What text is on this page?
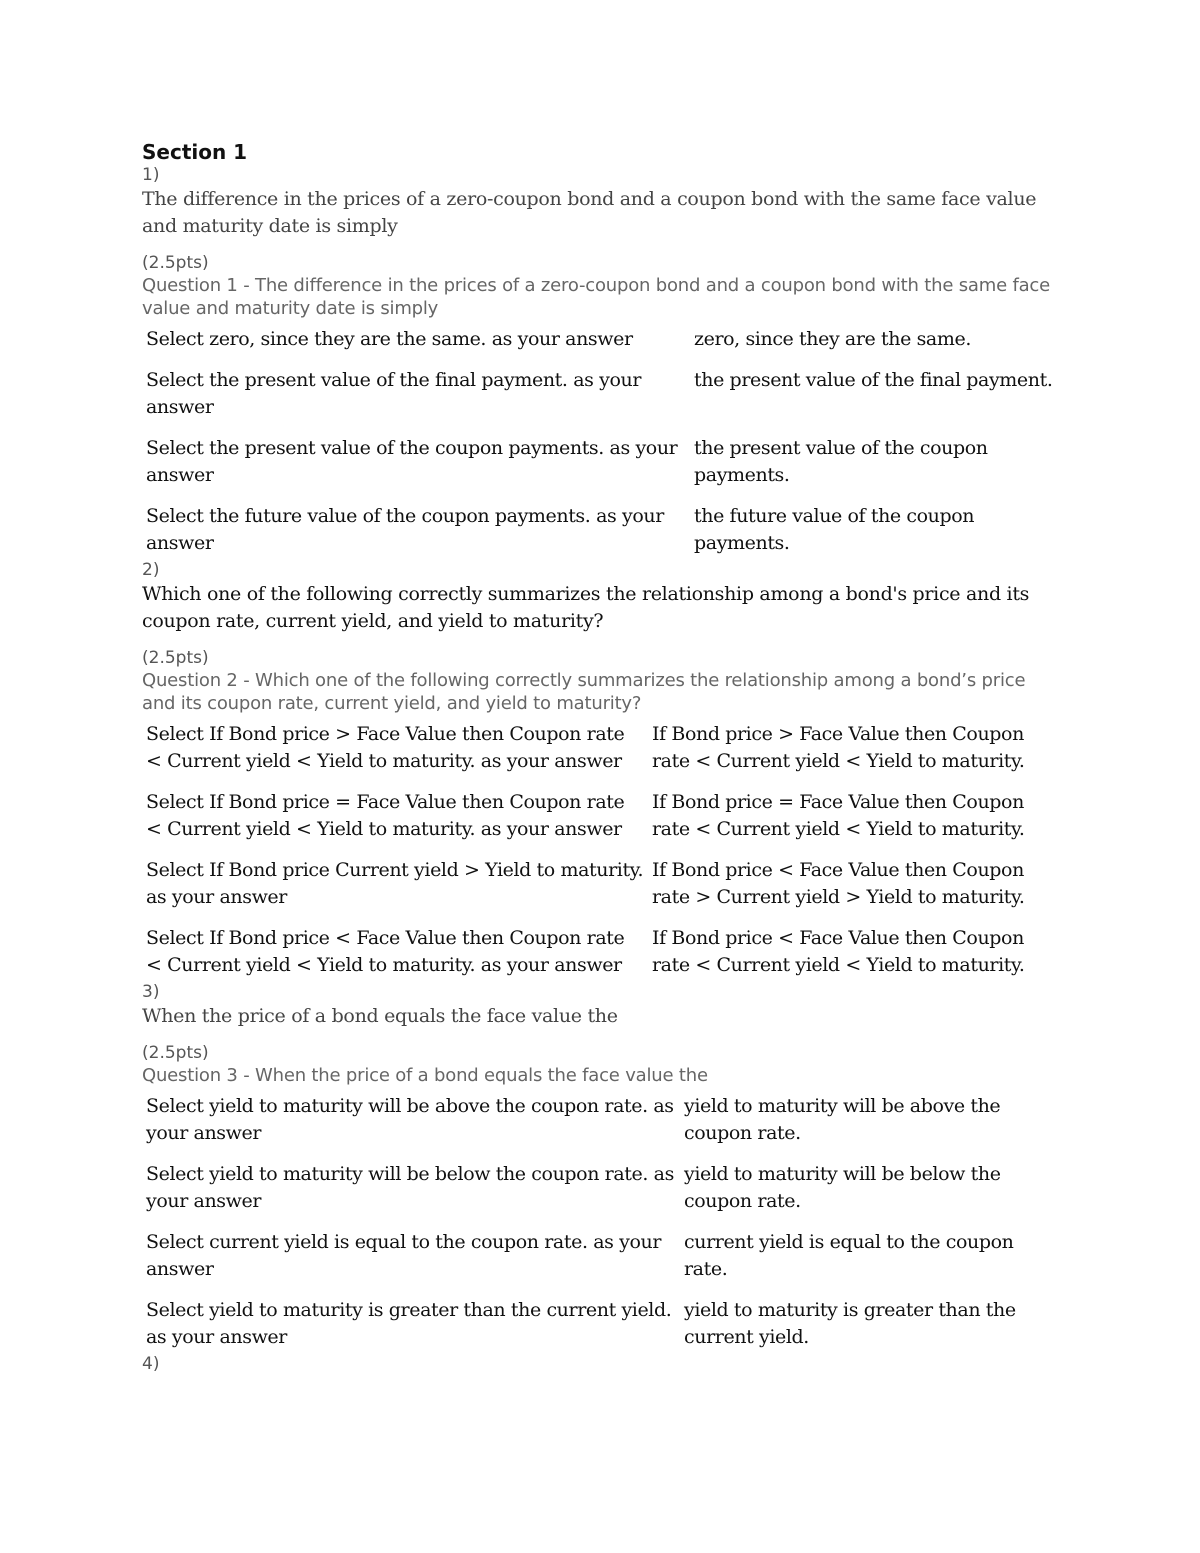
Section 1
1)
The difference in the prices of a zero-coupon bond and a coupon bond with the same face value and maturity date is simply
(2.5pts)
Question 1 - The difference in the prices of a zero-coupon bond and a coupon bond with the same face value and maturity date is simply
Select zero, since they are the same. as your answer	zero, since they are the same.
Select the present value of the final payment. as your answer	the present value of the final payment.
Select the present value of the coupon payments. as your answer	the present value of the coupon payments.
Select the future value of the coupon payments. as your answer	the future value of the coupon payments.
2)
Which one of the following correctly summarizes the relationship among a bond's price and its coupon rate, current yield, and yield to maturity?
(2.5pts)
Question 2 - Which one of the following correctly summarizes the relationship among a bond’s price and its coupon rate, current yield, and yield to maturity?
Select If Bond price > Face Value then Coupon rate < Current yield < Yield to maturity. as your answer	If Bond price > Face Value then Coupon rate < Current yield < Yield to maturity.
Select If Bond price = Face Value then Coupon rate < Current yield < Yield to maturity. as your answer	If Bond price = Face Value then Coupon rate < Current yield < Yield to maturity.
Select If Bond price Current yield > Yield to maturity. as your answer	If Bond price < Face Value then Coupon rate > Current yield > Yield to maturity.
Select If Bond price < Face Value then Coupon rate < Current yield < Yield to maturity. as your answer	If Bond price < Face Value then Coupon rate < Current yield < Yield to maturity.
3)
When the price of a bond equals the face value the
(2.5pts)
Question 3 - When the price of a bond equals the face value the
Select yield to maturity will be above the coupon rate. as your answer	yield to maturity will be above the coupon rate.
Select yield to maturity will be below the coupon rate. as your answer	yield to maturity will be below the coupon rate.
Select current yield is equal to the coupon rate. as your answer	current yield is equal to the coupon rate.
Select yield to maturity is greater than the current yield. as your answer	yield to maturity is greater than the current yield.
4)
